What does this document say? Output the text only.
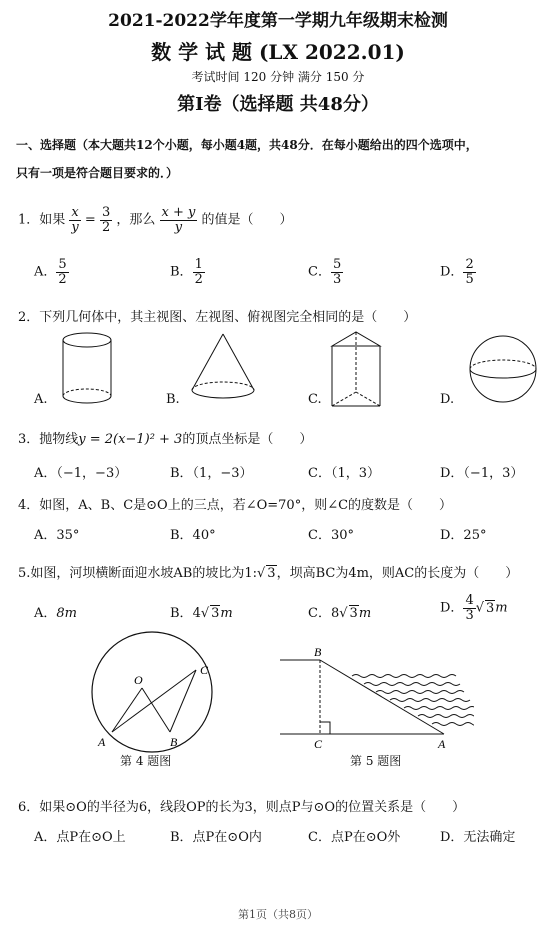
2021-2022学年度第一学期九年级期末检测
数 学 试 题 (LX 2022.01)
考试时间 120 分钟 满分 150 分
第Ⅰ卷（选择题 共48分）
一、选择题（本大题共12个小题，每小题4题，共48分．在每小题给出的四个选项中，
只有一项是符合题目要求的．）
1．如果 $\frac{x}{y} = \frac{3}{2}$ ，那么 $\frac{x + y}{y}$ 的值是（　　）
A． $\frac{5}{2}$	B． $\frac{1}{2}$	C． $\frac{5}{3}$	D． $\frac{2}{5}$
2．下列几何体中，其主视图、左视图、俯视图完全相同的是（　　）
A.	B.	C.	D.
3．抛物线y = 2(x−1)² + 3的顶点坐标是（　　）
A．（−1，−3）	B．（1，−3）	C．（1，3）	D．（−1，3）
4．如图，A、B、C是⊙O上的三点，若∠O=70°，则∠C的度数是（　　）
A．35°	B．40°	C．30°	D．25°
5.如图，河坝横断面迎水坡AB的坡比为1:√ 3，坝高BC为4m，则AC的长度为（　　）
A．8m	B．4√ 3m	C．8√ 3m	D． $\frac{4}{3}$ √ 3m
O
A	B
C
第 4 题图
B
C	A
第 5 题图
6．如果⊙O的半径为6，线段OP的长为3，则点P与⊙O的位置关系是（　　）
A．点P在⊙O上	B．点P在⊙O内	C．点P在⊙O外	D．无法确定
第1页（共8页）
